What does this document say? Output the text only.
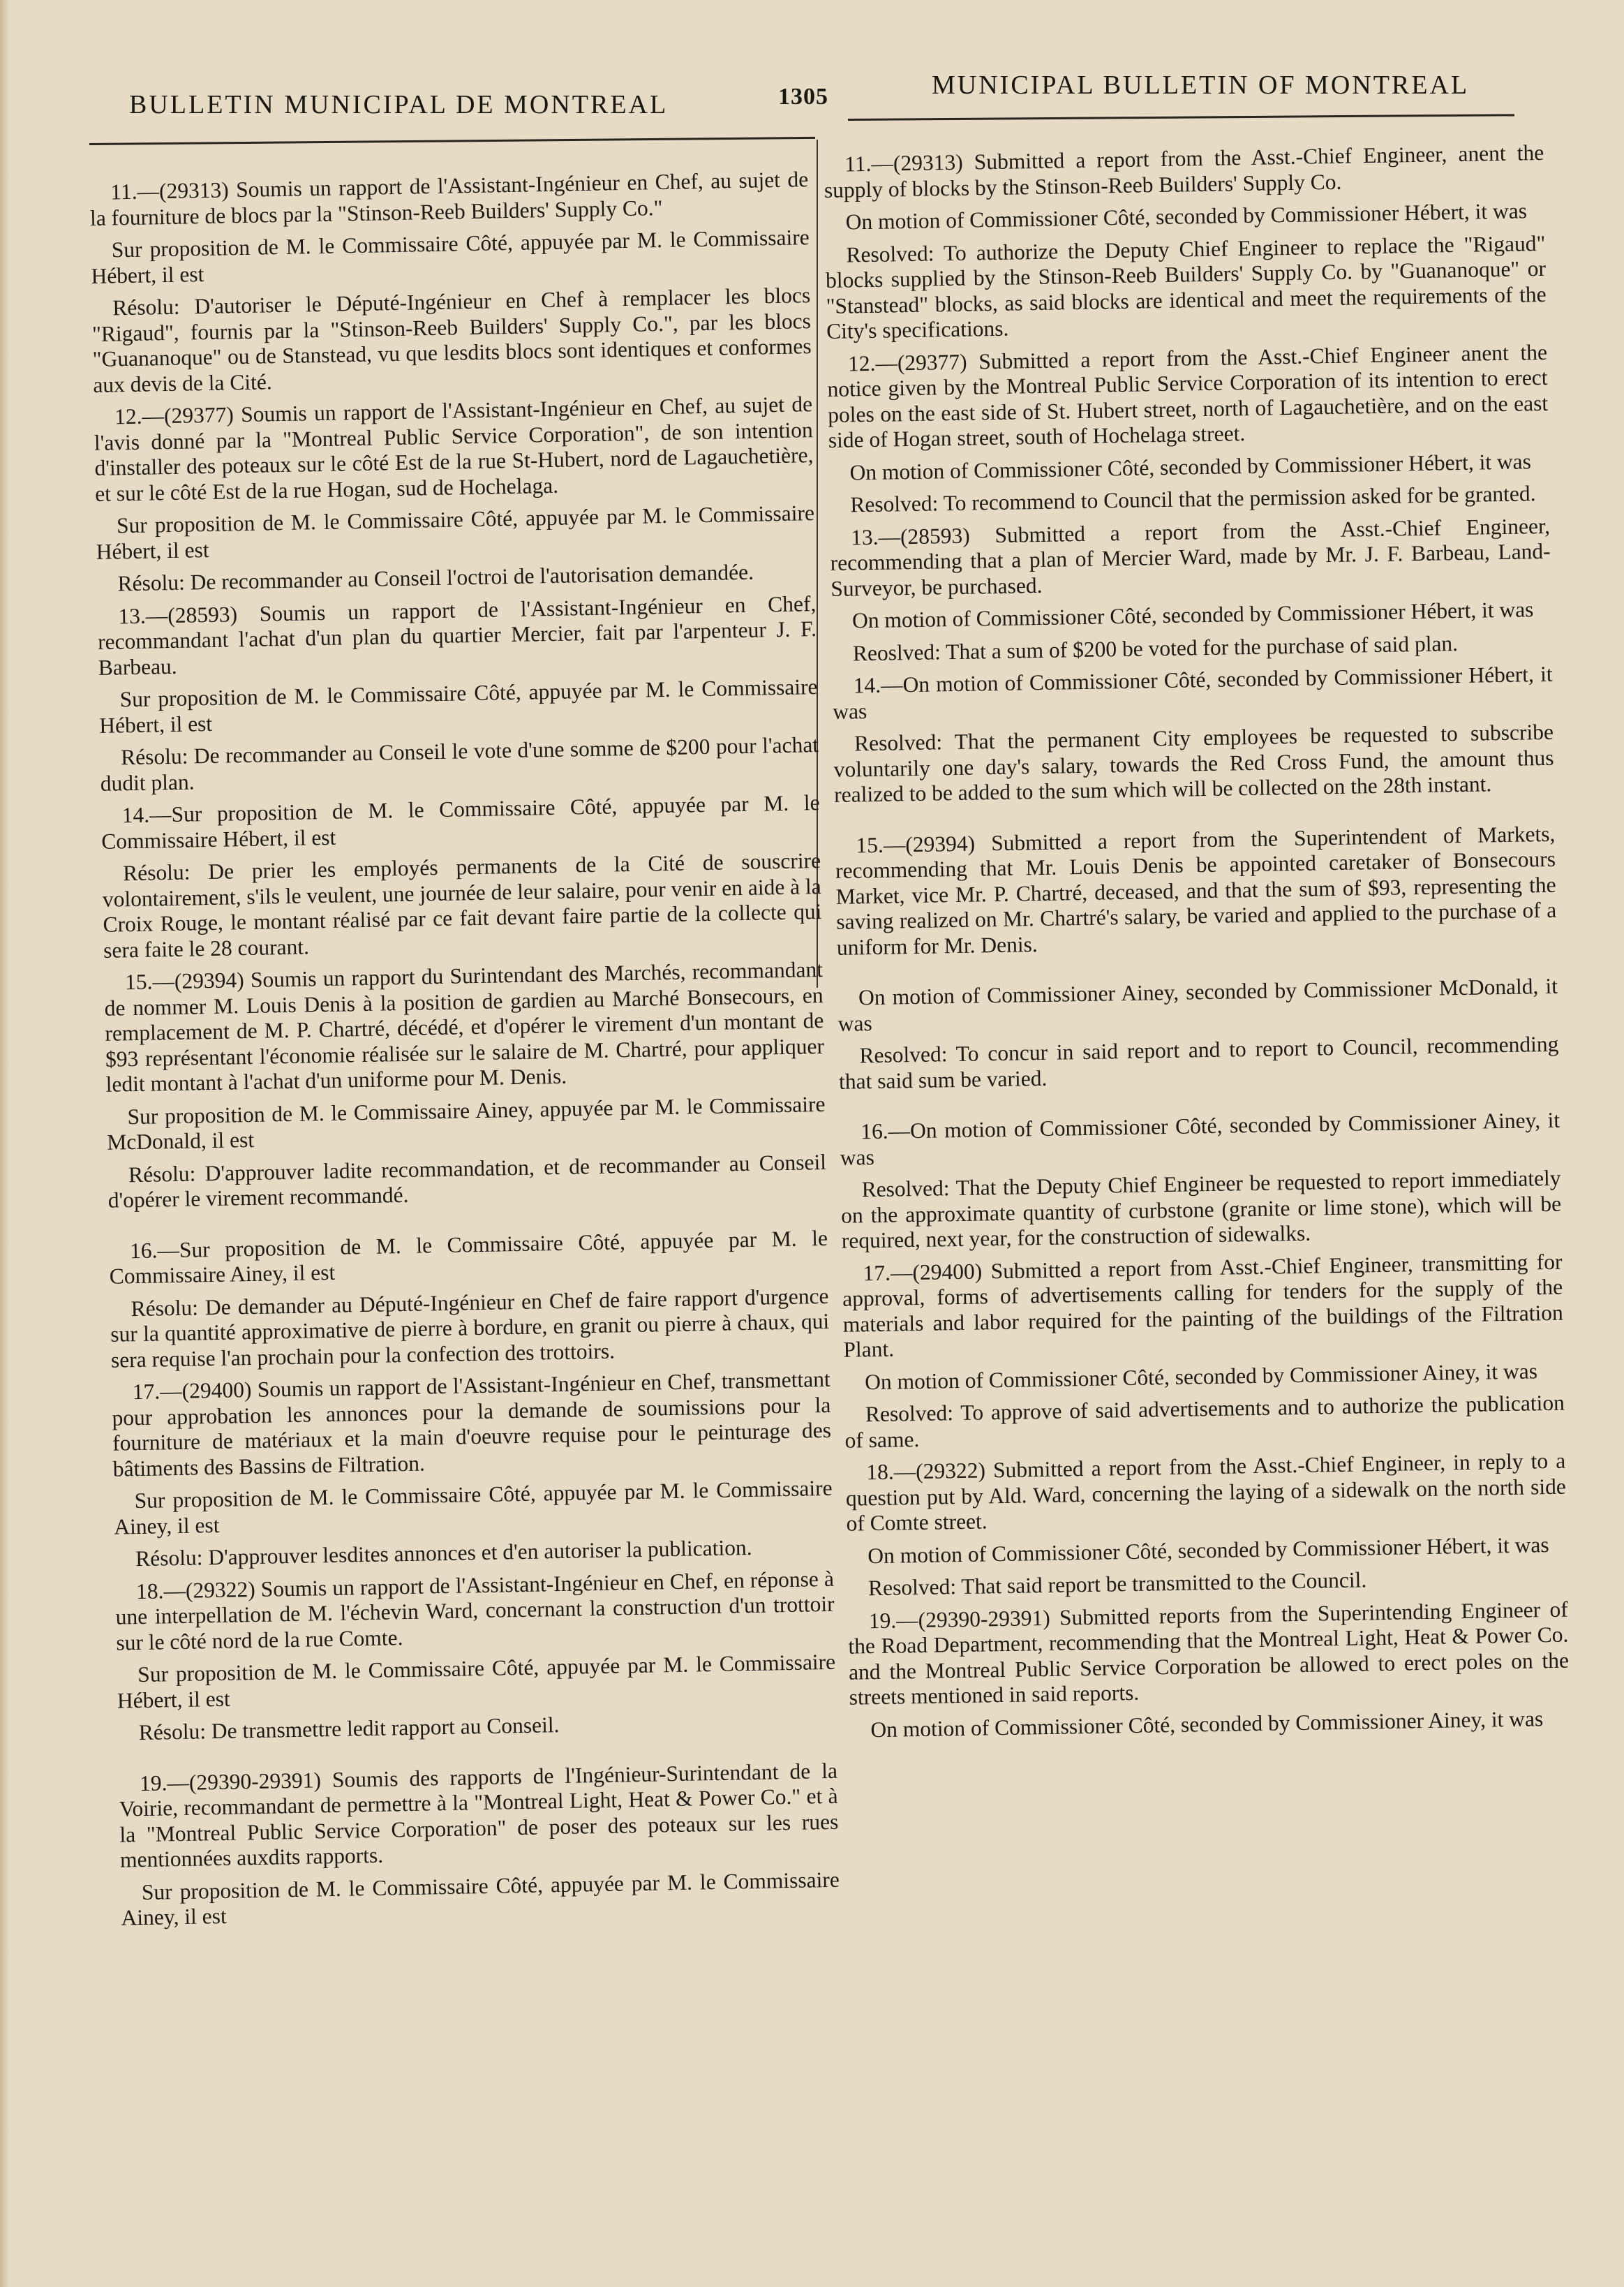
BULLETIN MUNICIPAL DE MONTREAL	1305	MUNICIPAL BULLETIN OF MONTREAL

11.—(29313) Soumis un rapport de l'Assistant-Ingénieur en Chef, au sujet de la fourniture de blocs par la "Stinson-Reeb Builders' Supply Co."

Sur proposition de M. le Commissaire Côté, appuyée par M. le Commissaire Hébert, il est

Résolu: D'autoriser le Député-Ingénieur en Chef à remplacer les blocs "Rigaud", fournis par la "Stinson-Reeb Builders' Supply Co.", par les blocs "Guananoque" ou de Stanstead, vu que lesdits blocs sont identiques et conformes aux devis de la Cité.

12.—(29377) Soumis un rapport de l'Assistant-Ingénieur en Chef, au sujet de l'avis donné par la "Montreal Public Service Corporation", de son intention d'installer des poteaux sur le côté Est de la rue St-Hubert, nord de Lagauchetière, et sur le côté Est de la rue Hogan, sud de Hochelaga.

Sur proposition de M. le Commissaire Côté, appuyée par M. le Commissaire Hébert, il est

Résolu: De recommander au Conseil l'octroi de l'autorisation demandée.

13.—(28593) Soumis un rapport de l'Assistant-Ingénieur en Chef, recommandant l'achat d'un plan du quartier Mercier, fait par l'arpenteur J. F. Barbeau.

Sur proposition de M. le Commissaire Côté, appuyée par M. le Commissaire Hébert, il est

Résolu: De recommander au Conseil le vote d'une somme de $200 pour l'achat dudit plan.

14.—Sur proposition de M. le Commissaire Côté, appuyée par M. le Commissaire Hébert, il est

Résolu: De prier les employés permanents de la Cité de souscrire volontairement, s'ils le veulent, une journée de leur salaire, pour venir en aide à la Croix Rouge, le montant réalisé par ce fait devant faire partie de la collecte qui sera faite le 28 courant.

15.—(29394) Soumis un rapport du Surintendant des Marchés, recommandant de nommer M. Louis Denis à la position de gardien au Marché Bonsecours, en remplacement de M. P. Chartré, décédé, et d'opérer le virement d'un montant de $93 représentant l'économie réalisée sur le salaire de M. Chartré, pour appliquer ledit montant à l'achat d'un uniforme pour M. Denis.

Sur proposition de M. le Commissaire Ainey, appuyée par M. le Commissaire McDonald, il est

Résolu: D'approuver ladite recommandation, et de recommander au Conseil d'opérer le virement recommandé.

16.—Sur proposition de M. le Commissaire Côté, appuyée par M. le Commissaire Ainey, il est

Résolu: De demander au Député-Ingénieur en Chef de faire rapport d'urgence sur la quantité approximative de pierre à bordure, en granit ou pierre à chaux, qui sera requise l'an prochain pour la confection des trottoirs.

17.—(29400) Soumis un rapport de l'Assistant-Ingénieur en Chef, transmettant pour approbation les annonces pour la demande de soumissions pour la fourniture de matériaux et la main d'oeuvre requise pour le peinturage des bâtiments des Bassins de Filtration.

Sur proposition de M. le Commissaire Côté, appuyée par M. le Commissaire Ainey, il est

Résolu: D'approuver lesdites annonces et d'en autoriser la publication.

18.—(29322) Soumis un rapport de l'Assistant-Ingénieur en Chef, en réponse à une interpellation de M. l'échevin Ward, concernant la construction d'un trottoir sur le côté nord de la rue Comte.

Sur proposition de M. le Commissaire Côté, appuyée par M. le Commissaire Hébert, il est

Résolu: De transmettre ledit rapport au Conseil.

19.—(29390-29391) Soumis des rapports de l'Ingénieur-Surintendant de la Voirie, recommandant de permettre à la "Montreal Light, Heat & Power Co." et à la "Montreal Public Service Corporation" de poser des poteaux sur les rues mentionnées auxdits rapports.

Sur proposition de M. le Commissaire Côté, appuyée par M. le Commissaire Ainey, il est

11.—(29313) Submitted a report from the Asst.-Chief Engineer, anent the supply of blocks by the Stinson-Reeb Builders' Supply Co.

On motion of Commissioner Côté, seconded by Commissioner Hébert, it was

Resolved: To authorize the Deputy Chief Engineer to replace the "Rigaud" blocks supplied by the Stinson-Reeb Builders' Supply Co. by "Guananoque" or "Stanstead" blocks, as said blocks are identical and meet the requirements of the City's specifications.

12.—(29377) Submitted a report from the Asst.-Chief Engineer anent the notice given by the Montreal Public Service Corporation of its intention to erect poles on the east side of St. Hubert street, north of Lagauchetière, and on the east side of Hogan street, south of Hochelaga street.

On motion of Commissioner Côté, seconded by Commissioner Hébert, it was

Resolved: To recommend to Council that the permission asked for be granted.

13.—(28593) Submitted a report from the Asst.-Chief Engineer, recommending that a plan of Mercier Ward, made by Mr. J. F. Barbeau, Land-Surveyor, be purchased.

On motion of Commissioner Côté, seconded by Commissioner Hébert, it was

Reoslved: That a sum of $200 be voted for the purchase of said plan.

14.—On motion of Commissioner Côté, seconded by Commissioner Hébert, it was

Resolved: That the permanent City employees be requested to subscribe voluntarily one day's salary, towards the Red Cross Fund, the amount thus realized to be added to the sum which will be collected on the 28th instant.

15.—(29394) Submitted a report from the Superintendent of Markets, recommending that Mr. Louis Denis be appointed caretaker of Bonsecours Market, vice Mr. P. Chartré, deceased, and that the sum of $93, representing the saving realized on Mr. Chartré's salary, be varied and applied to the purchase of a uniform for Mr. Denis.

On motion of Commissioner Ainey, seconded by Commissioner McDonald, it was

Resolved: To concur in said report and to report to Council, recommending that said sum be varied.

16.—On motion of Commissioner Côté, seconded by Commissioner Ainey, it was

Resolved: That the Deputy Chief Engineer be requested to report immediately on the approximate quantity of curbstone (granite or lime stone), which will be required, next year, for the construction of sidewalks.

17.—(29400) Submitted a report from Asst.-Chief Engineer, transmitting for approval, forms of advertisements calling for tenders for the supply of the materials and labor required for the painting of the buildings of the Filtration Plant.

On motion of Commissioner Côté, seconded by Commissioner Ainey, it was

Resolved: To approve of said advertisements and to authorize the publication of same.

18.—(29322) Submitted a report from the Asst.-Chief Engineer, in reply to a question put by Ald. Ward, concerning the laying of a sidewalk on the north side of Comte street.

On motion of Commissioner Côté, seconded by Commissioner Hébert, it was

Resolved: That said report be transmitted to the Council.

19.—(29390-29391) Submitted reports from the Superintending Engineer of the Road Department, recommending that the Montreal Light, Heat & Power Co. and the Montreal Public Service Corporation be allowed to erect poles on the streets mentioned in said reports.

On motion of Commissioner Côté, seconded by Commissioner Ainey, it was
